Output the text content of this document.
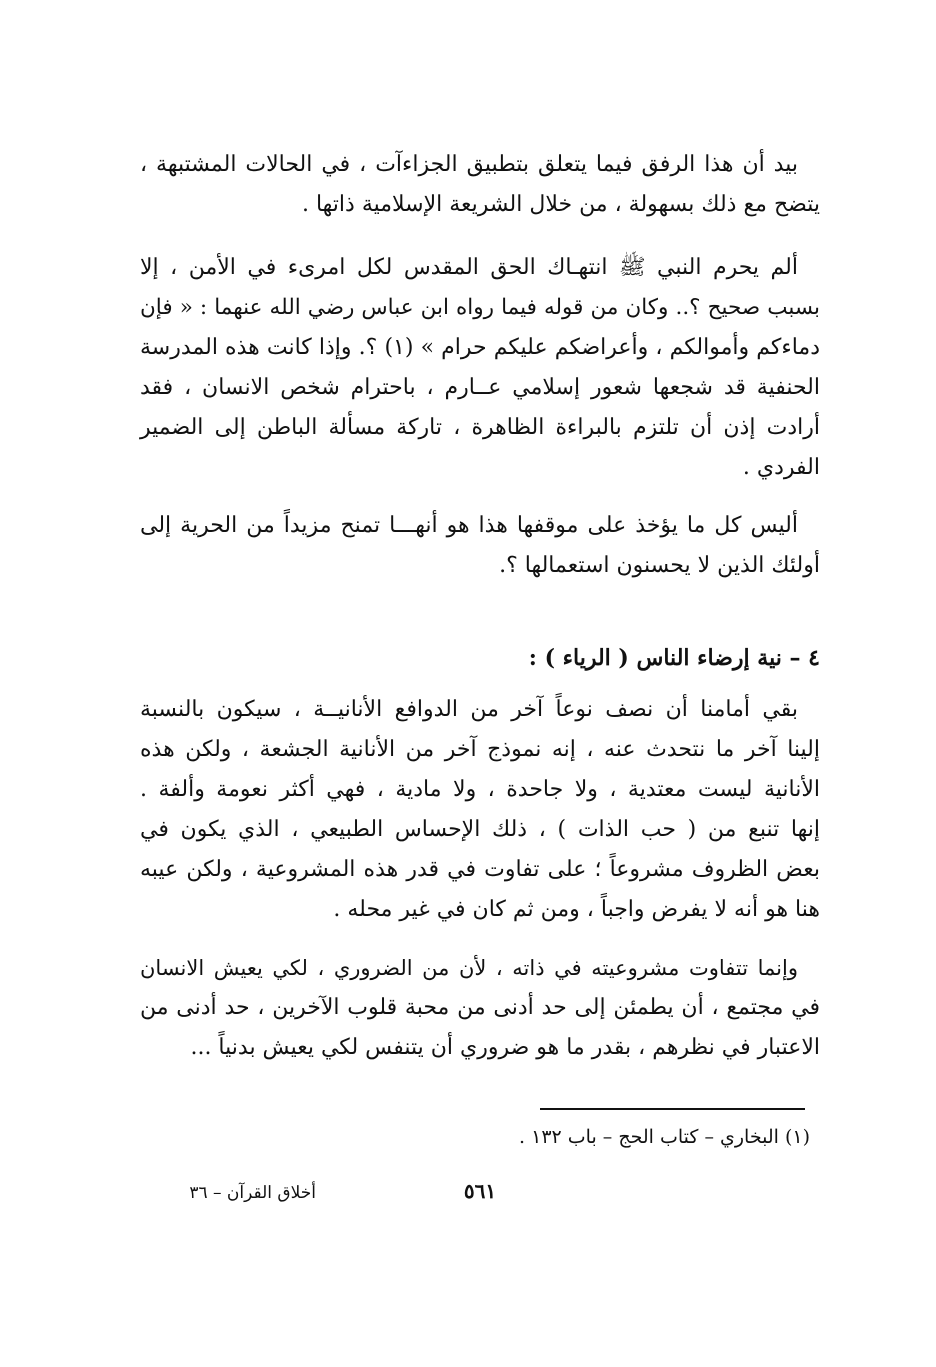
بيد أن هذا الرفق فيما يتعلق بتطبيق الجزاءآت ، في الحالات المشتبهة ،
يتضح مع ذلك بسهولة ، من خلال الشريعة الإسلامية ذاتها .
ألم يحرم النبي ﷺ انتهـاك الحق المقدس لكل امرىء في الأمن ، إلا
بسبب صحيح ؟.. وكان من قوله فيما رواه ابن عباس رضي الله عنهما : « فإن
دماءكم وأموالكم ، وأعراضكم عليكم حرام » (١) ؟. وإذا كانت هذه المدرسة
الحنفية قد شجعها شعور إسلامي عــارم ، باحترام شخص الانسان ، فقد
أرادت إذن أن تلتزم بالبراءة الظاهرة ، تاركة مسألة الباطن إلى الضمير
الفردي .
أليس كل ما يؤخذ على موقفها هذا هو أنهـــا تمنح مزيداً من الحرية إلى
أولئك الذين لا يحسنون استعمالها ؟.
٤ – نية إرضاء الناس ( الرياء ) :
بقي أمامنا أن نصف نوعاً آخر من الدوافع الأنانيــة ، سيكون بالنسبة
إلينا آخر ما نتحدث عنه ، إنه نموذج آخر من الأنانية الجشعة ، ولكن هذه
الأنانية ليست معتدية ، ولا جاحدة ، ولا مادية ، فهي أكثر نعومة وألفة .
إنها تنبع من ( حب الذات ) ، ذلك الإحساس الطبيعي ، الذي يكون في
بعض الظروف مشروعاً ؛ على تفاوت في قدر هذه المشروعية ، ولكن عيبه
هنا هو أنه لا يفرض واجباً ، ومن ثم كان في غير محله .
وإنما تتفاوت مشروعيته في ذاته ، لأن من الضروري ، لكي يعيش الانسان
في مجتمع ، أن يطمئن إلى حد أدنى من محبة قلوب الآخرين ، حد أدنى من
الاعتبار في نظرهم ، بقدر ما هو ضروري أن يتنفس لكي يعيش بدنياً ...
(١) البخاري – كتاب الحج – باب ١٣٢ .
أخلاق القرآن – ٣٦	٥٦١
